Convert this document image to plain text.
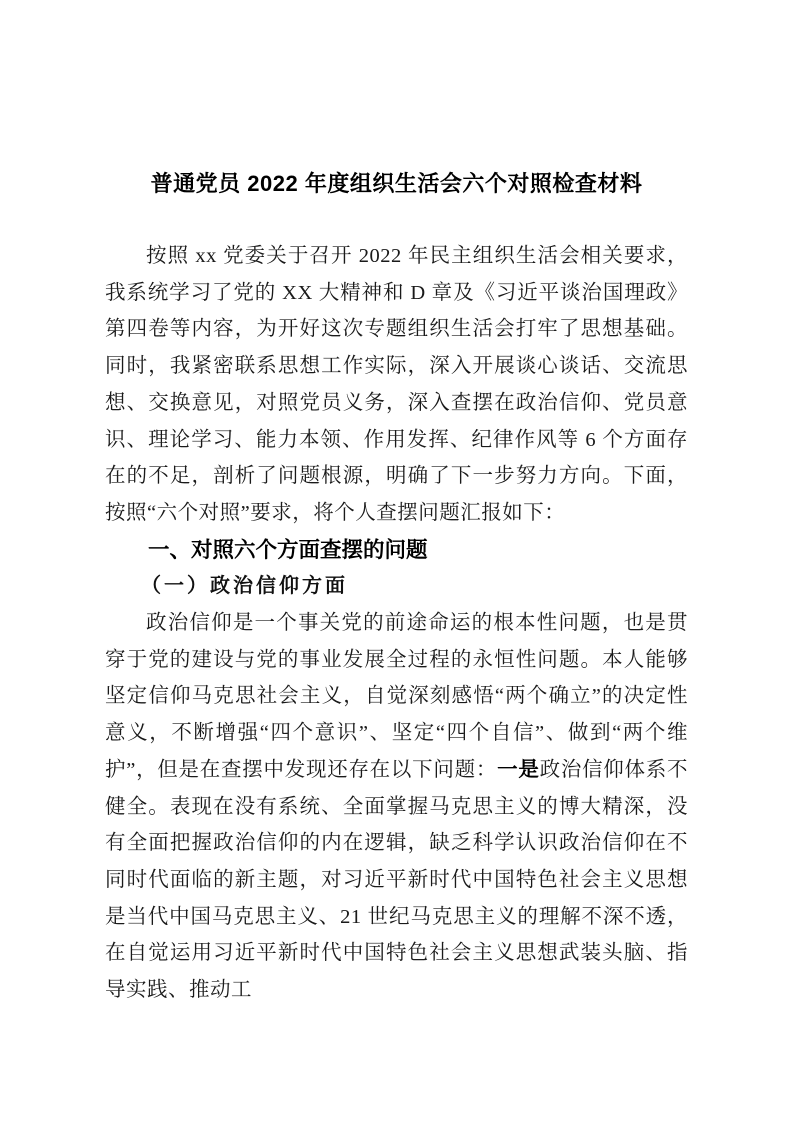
普通党员 2022 年度组织生活会六个对照检查材料

按照 xx 党委关于召开 2022 年民主组织生活会相关要求，我系统学习了党的 XX 大精神和 D 章及《习近平谈治国理政》第四卷等内容，为开好这次专题组织生活会打牢了思想基础。同时，我紧密联系思想工作实际，深入开展谈心谈话、交流思想、交换意见，对照党员义务，深入查摆在政治信仰、党员意识、理论学习、能力本领、作用发挥、纪律作风等 6 个方面存在的不足，剖析了问题根源，明确了下一步努力方向。下面，按照“六个对照”要求，将个人查摆问题汇报如下：

一、对照六个方面查摆的问题
（一）政治信仰方面

政治信仰是一个事关党的前途命运的根本性问题，也是贯穿于党的建设与党的事业发展全过程的永恒性问题。本人能够坚定信仰马克思社会主义，自觉深刻感悟“两个确立”的决定性意义，不断增强“四个意识”、坚定“四个自信”、做到“两个维护”，但是在查摆中发现还存在以下问题：一是政治信仰体系不健全。表现在没有系统、全面掌握马克思主义的博大精深，没有全面把握政治信仰的内在逻辑，缺乏科学认识政治信仰在不同时代面临的新主题，对习近平新时代中国特色社会主义思想是当代中国马克思主义、21 世纪马克思主义的理解不深不透，在自觉运用习近平新时代中国特色社会主义思想武装头脑、指导实践、推动工
